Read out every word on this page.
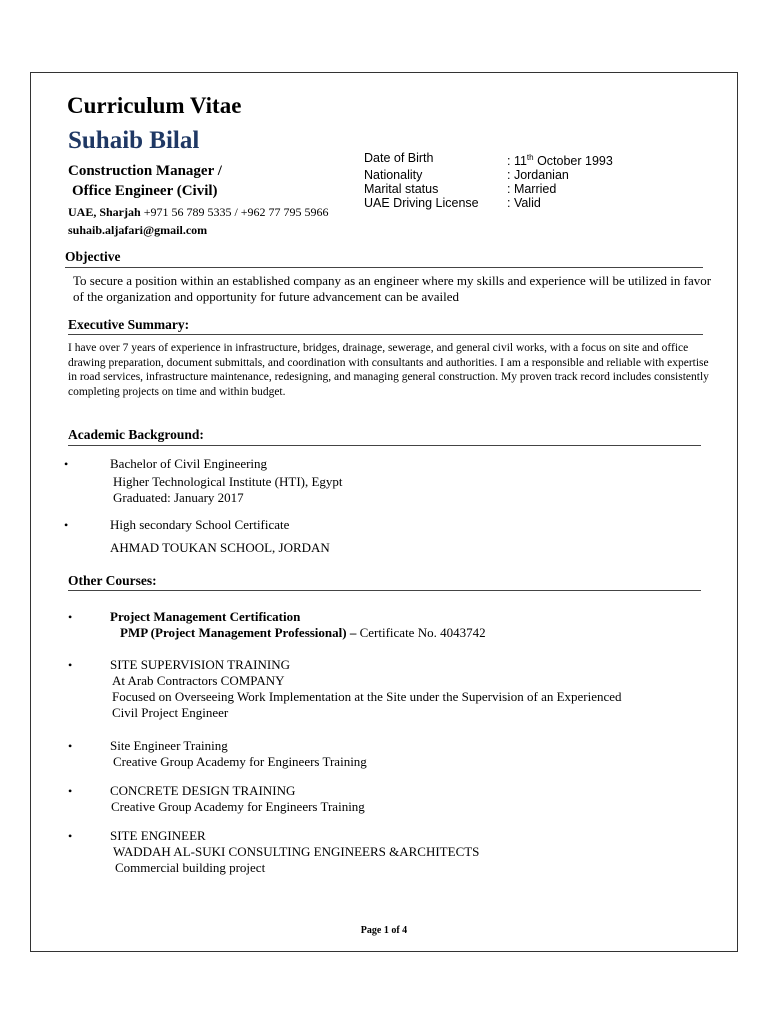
Curriculum Vitae
Suhaib Bilal
Construction Manager /
Office Engineer (Civil)
UAE, Sharjah +971 56 789 5335 / +962 77 795 5966
suhaib.aljafari@gmail.com
Date of Birth	: 11th October 1993
Nationality	: Jordanian
Marital status	: Married
UAE Driving License	: Valid
Objective
To secure a position within an established company as an engineer where my skills and experience will be utilized in favor of the organization and opportunity for future advancement can be availed
Executive Summary:
I have over 7 years of experience in infrastructure, bridges, drainage, sewerage, and general civil works, with a focus on site and office drawing preparation, document submittals, and coordination with consultants and authorities. I am a responsible and reliable with expertise in road services, infrastructure maintenance, redesigning, and managing general construction. My proven track record includes consistently completing projects on time and within budget.
Academic Background:
•	Bachelor of Civil Engineering
Higher Technological Institute (HTI), Egypt
Graduated: January 2017
•	High secondary School Certificate
AHMAD TOUKAN SCHOOL, JORDAN
Other Courses:
•	Project Management Certification
PMP (Project Management Professional) – Certificate No. 4043742
•	SITE SUPERVISION TRAINING
At Arab Contractors COMPANY
Focused on Overseeing Work Implementation at the Site under the Supervision of an Experienced
Civil Project Engineer
•	Site Engineer Training
Creative Group Academy for Engineers Training
•	CONCRETE DESIGN TRAINING
Creative Group Academy for Engineers Training
•	SITE ENGINEER
WADDAH AL-SUKI CONSULTING ENGINEERS &ARCHITECTS
Commercial building project
Page 1 of 4
